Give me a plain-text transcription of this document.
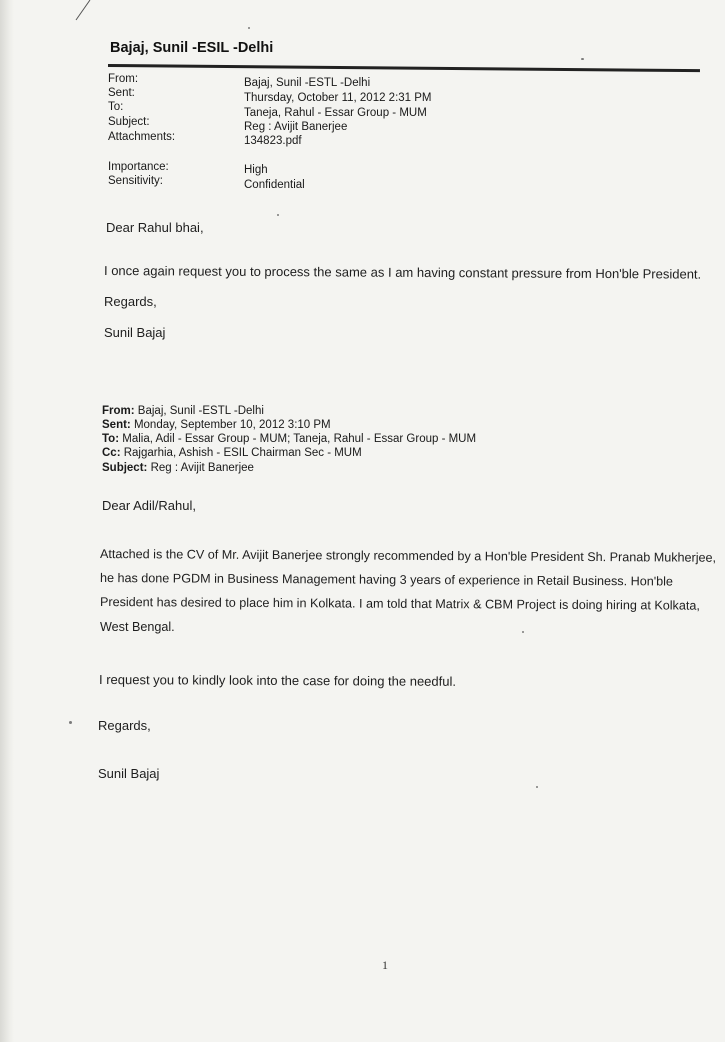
Bajaj, Sunil -ESIL -Delhi
From:	Bajaj, Sunil -ESTL -Delhi
Sent:	Thursday, October 11, 2012 2:31 PM
To:	Taneja, Rahul - Essar Group - MUM
Subject:	Reg : Avijit Banerjee
Attachments:	134823.pdf
Importance:	High
Sensitivity:	Confidential
Dear Rahul bhai,
I once again request you to process the same as I am having constant pressure from Hon'ble President.
Regards,
Sunil Bajaj
From: Bajaj, Sunil -ESTL -Delhi
Sent: Monday, September 10, 2012 3:10 PM
To: Malia, Adil - Essar Group - MUM; Taneja, Rahul - Essar Group - MUM
Cc: Rajgarhia, Ashish - ESIL Chairman Sec - MUM
Subject: Reg : Avijit Banerjee
Dear Adil/Rahul,
Attached is the CV of Mr. Avijit Banerjee strongly recommended by a Hon'ble President Sh. Pranab Mukherjee,
he has done PGDM in Business Management having 3 years of experience in Retail Business. Hon'ble
President has desired to place him in Kolkata. I am told that Matrix & CBM Project is doing hiring at Kolkata,
West Bengal.
I request you to kindly look into the case for doing the needful.
Regards,
Sunil Bajaj
1
